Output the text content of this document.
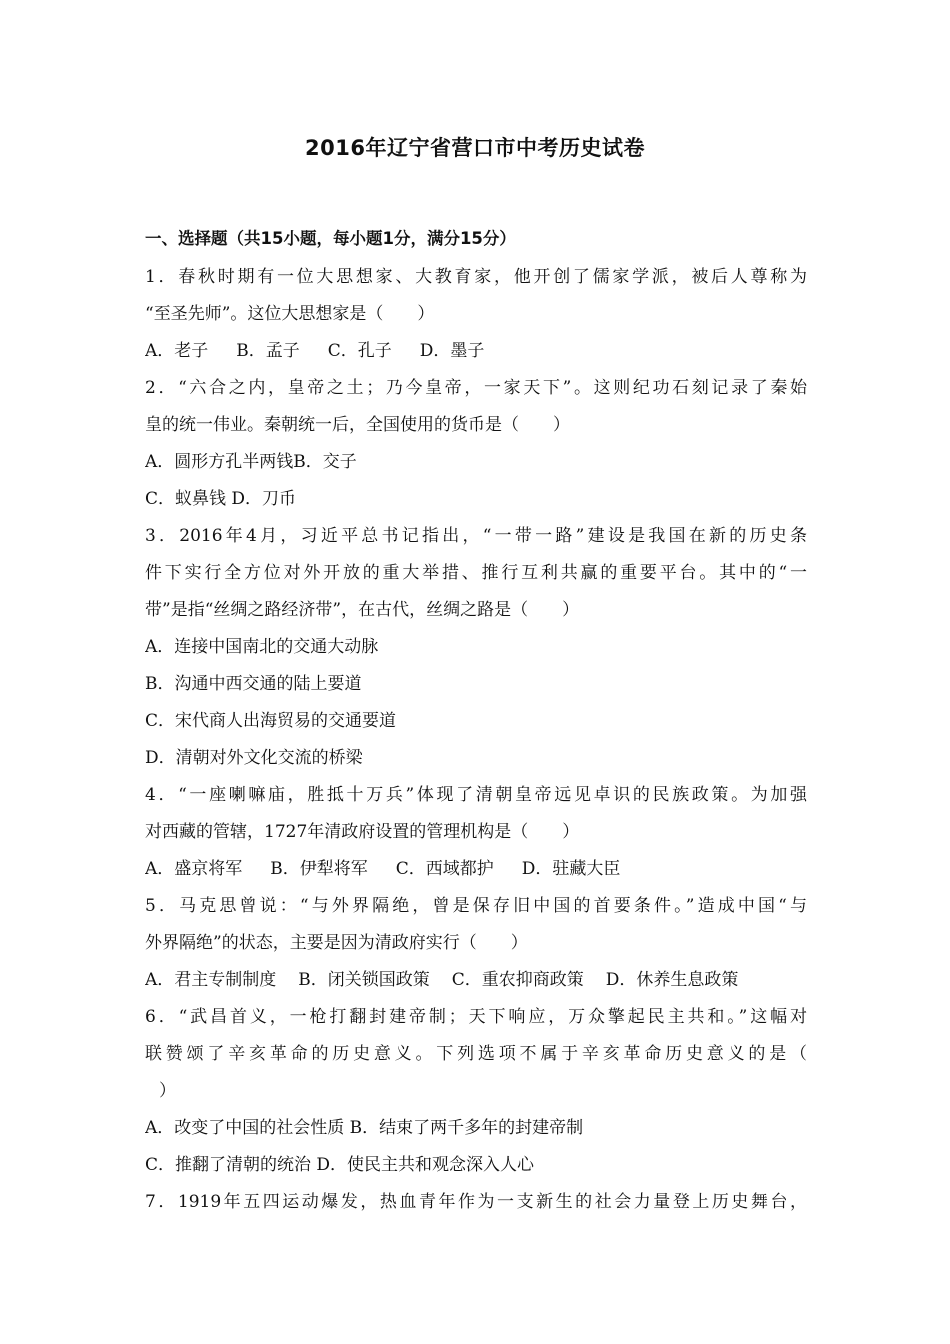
2016年辽宁省营口市中考历史试卷
一、选择题（共15小题，每小题1分，满分15分）
1．春秋时期有一位大思想家、大教育家，他开创了儒家学派，被后人尊称为
“至圣先师”。这位大思想家是（　　）
A．老子 B．孟子 C．孔子 D．墨子
2．“六合之内，皇帝之土；乃今皇帝，一家天下”。这则纪功石刻记录了秦始
皇的统一伟业。秦朝统一后，全国使用的货币是（　　）
A．圆形方孔半两钱B．交子
C．蚁鼻钱 D．刀币
3．2016年4月，习近平总书记指出，“一带一路”建设是我国在新的历史条
件下实行全方位对外开放的重大举措、推行互利共赢的重要平台。其中的“一
带”是指“丝绸之路经济带”，在古代，丝绸之路是（　　）
A．连接中国南北的交通大动脉
B．沟通中西交通的陆上要道
C．宋代商人出海贸易的交通要道
D．清朝对外文化交流的桥梁
4．“一座喇嘛庙，胜抵十万兵”体现了清朝皇帝远见卓识的民族政策。为加强
对西藏的管辖，1727年清政府设置的管理机构是（　　）
A．盛京将军 B．伊犁将军 C．西域都护 D．驻藏大臣
5．马克思曾说：“与外界隔绝，曾是保存旧中国的首要条件。”造成中国“与
外界隔绝”的状态，主要是因为清政府实行（　　）
A．君主专制制度 B．闭关锁国政策 C．重农抑商政策 D．休养生息政策
6．“武昌首义，一枪打翻封建帝制；天下响应，万众擎起民主共和。”这幅对
联赞颂了辛亥革命的历史意义。下列选项不属于辛亥革命历史意义的是（
）
A．改变了中国的社会性质 B．结束了两千多年的封建帝制
C．推翻了清朝的统治 D．使民主共和观念深入人心
7．1919年五四运动爆发，热血青年作为一支新生的社会力量登上历史舞台，
